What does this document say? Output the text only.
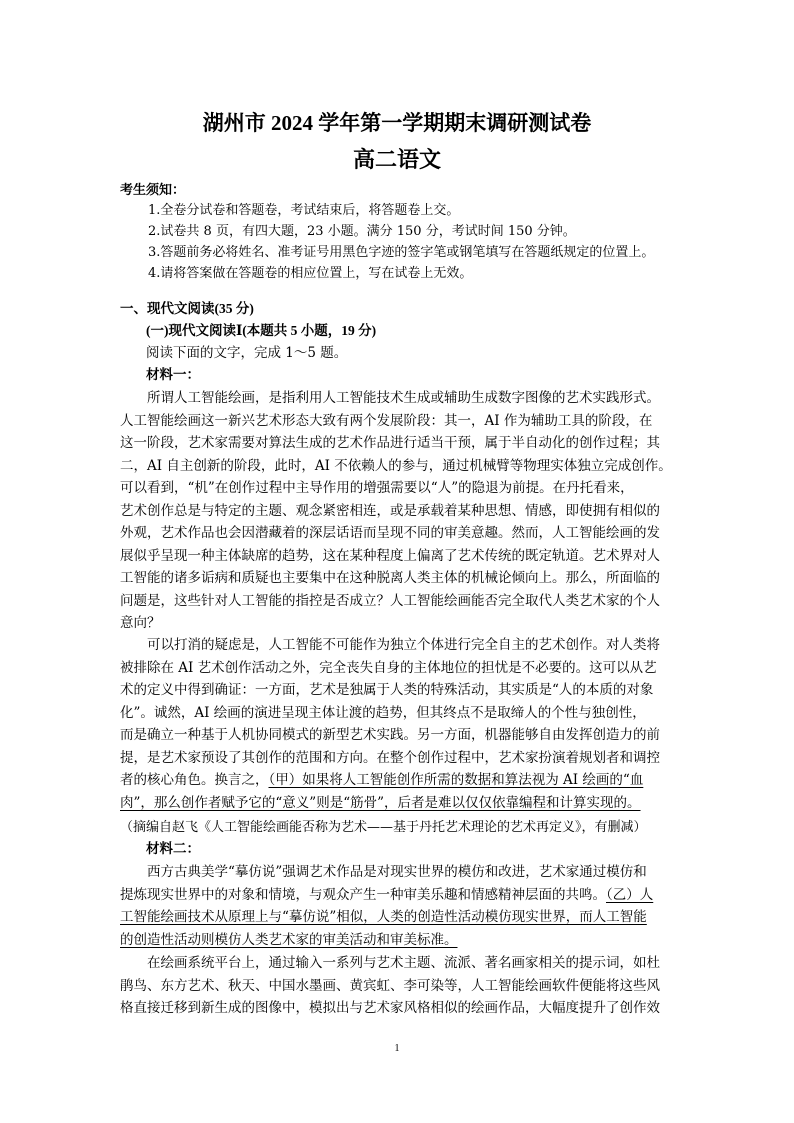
湖州市 2024 学年第一学期期末调研测试卷
高二语文
考生须知：
1.全卷分试卷和答题卷，考试结束后，将答题卷上交。
2.试卷共 8 页，有四大题，23 小题。满分 150 分，考试时间 150 分钟。
3.答题前务必将姓名、准考证号用黑色字迹的签字笔或钢笔填写在答题纸规定的位置上。
4.请将答案做在答题卷的相应位置上，写在试卷上无效。
一、现代文阅读(35 分)
(一)现代文阅读Ⅰ(本题共 5 小题，19 分)
阅读下面的文字，完成 1～5 题。
材料一：
　　所谓人工智能绘画，是指利用人工智能技术生成或辅助生成数字图像的艺术实践形式。
人工智能绘画这一新兴艺术形态大致有两个发展阶段：其一，AI 作为辅助工具的阶段，在
这一阶段，艺术家需要对算法生成的艺术作品进行适当干预，属于半自动化的创作过程；其
二，AI 自主创新的阶段，此时，AI 不依赖人的参与，通过机械臂等物理实体独立完成创作。
可以看到，“机”在创作过程中主导作用的增强需要以“人”的隐退为前提。在丹托看来，
艺术创作总是与特定的主题、观念紧密相连，或是承载着某种思想、情感，即使拥有相似的
外观，艺术作品也会因潜藏着的深层话语而呈现不同的审美意趣。然而，人工智能绘画的发
展似乎呈现一种主体缺席的趋势，这在某种程度上偏离了艺术传统的既定轨道。艺术界对人
工智能的诸多诟病和质疑也主要集中在这种脱离人类主体的机械论倾向上。那么，所面临的
问题是，这些针对人工智能的指控是否成立？人工智能绘画能否完全取代人类艺术家的个人
意向？
　　可以打消的疑虑是，人工智能不可能作为独立个体进行完全自主的艺术创作。对人类将
被排除在 AI 艺术创作活动之外，完全丧失自身的主体地位的担忧是不必要的。这可以从艺
术的定义中得到确证：一方面，艺术是独属于人类的特殊活动，其实质是“人的本质的对象
化”。诚然，AI 绘画的演进呈现主体让渡的趋势，但其终点不是取缔人的个性与独创性，
而是确立一种基于人机协同模式的新型艺术实践。另一方面，机器能够自由发挥创造力的前
提，是艺术家预设了其创作的范围和方向。在整个创作过程中，艺术家扮演着规划者和调控
者的核心角色。换言之，（甲）如果将人工智能创作所需的数据和算法视为 AI 绘画的“血
肉”，那么创作者赋予它的“意义”则是“筋骨”，后者是难以仅仅依靠编程和计算实现的。
（摘编自赵飞《人工智能绘画能否称为艺术——基于丹托艺术理论的艺术再定义》，有删减）
材料二：
　　西方古典美学“摹仿说”强调艺术作品是对现实世界的模仿和改进，艺术家通过模仿和
提炼现实世界中的对象和情境，与观众产生一种审美乐趣和情感精神层面的共鸣。（乙）人
工智能绘画技术从原理上与“摹仿说”相似，人类的创造性活动模仿现实世界，而人工智能
的创造性活动则模仿人类艺术家的审美活动和审美标准。
　　在绘画系统平台上，通过输入一系列与艺术主题、流派、著名画家相关的提示词，如杜
鹃鸟、东方艺术、秋天、中国水墨画、黄宾虹、李可染等，人工智能绘画软件便能将这些风
格直接迁移到新生成的图像中，模拟出与艺术家风格相似的绘画作品，大幅度提升了创作效
1
